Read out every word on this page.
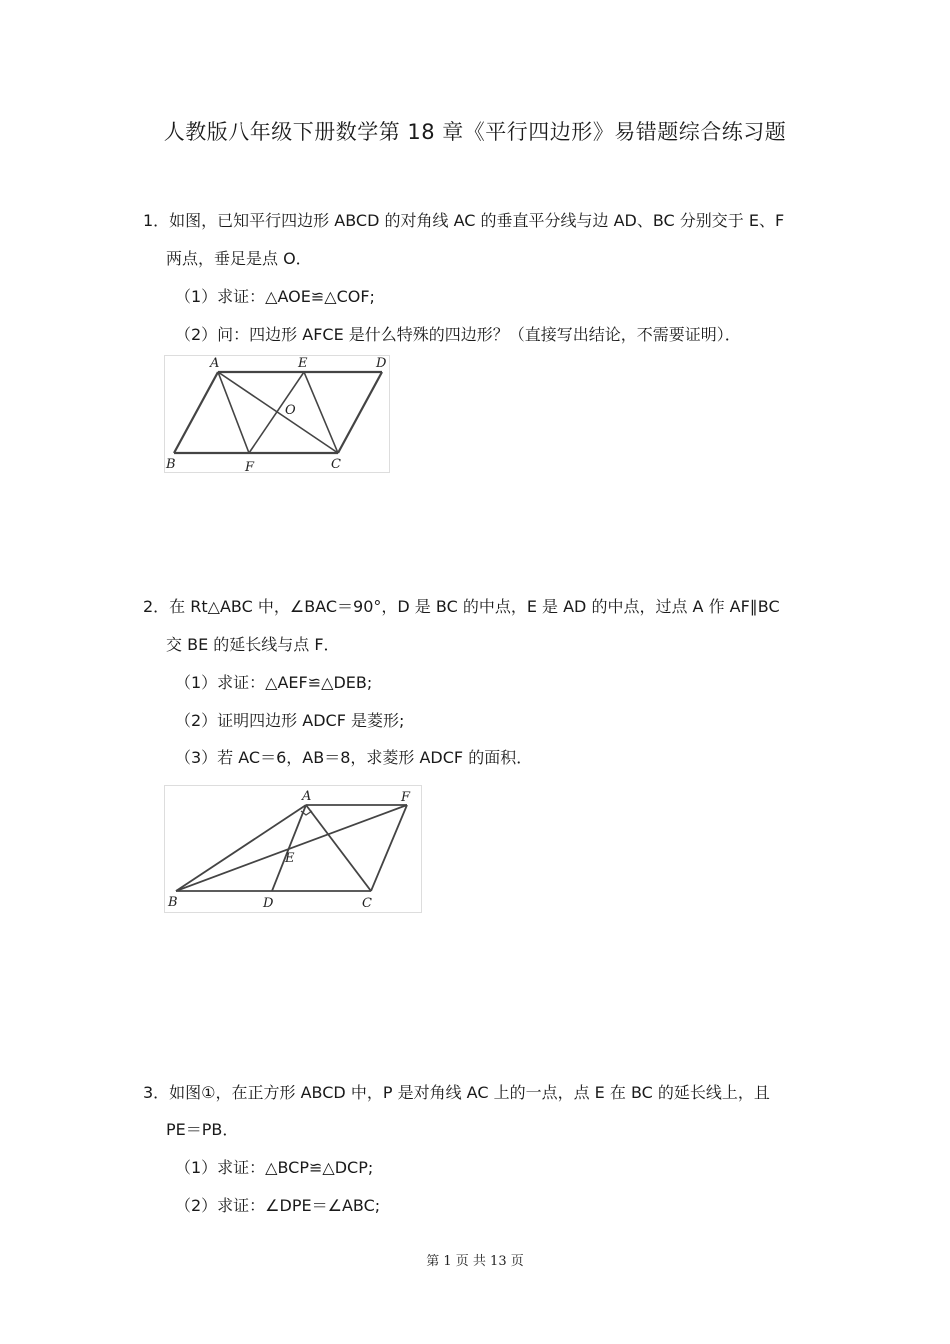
人教版八年级下册数学第 18 章《平行四边形》易错题综合练习题
1．如图，已知平行四边形 ABCD 的对角线 AC 的垂直平分线与边 AD、BC 分别交于 E、F
两点，垂足是点 O．
（1）求证：△AOE≌△COF;
（2）问：四边形 AFCE 是什么特殊的四边形？（直接写出结论，不需要证明）．
A	E	D
O
B	F	C
2．在 Rt△ABC 中，∠BAC＝90°，D 是 BC 的中点，E 是 AD 的中点，过点 A 作 AF∥BC
交 BE 的延长线与点 F．
（1）求证：△AEF≌△DEB;
（2）证明四边形 ADCF 是菱形;
（3）若 AC＝6，AB＝8，求菱形 ADCF 的面积．
A	F
E
B	D	C
3．如图①，在正方形 ABCD 中，P 是对角线 AC 上的一点，点 E 在 BC 的延长线上，且
PE＝PB．
（1）求证：△BCP≌△DCP;
（2）求证：∠DPE＝∠ABC;
第 1 页 共 13 页
